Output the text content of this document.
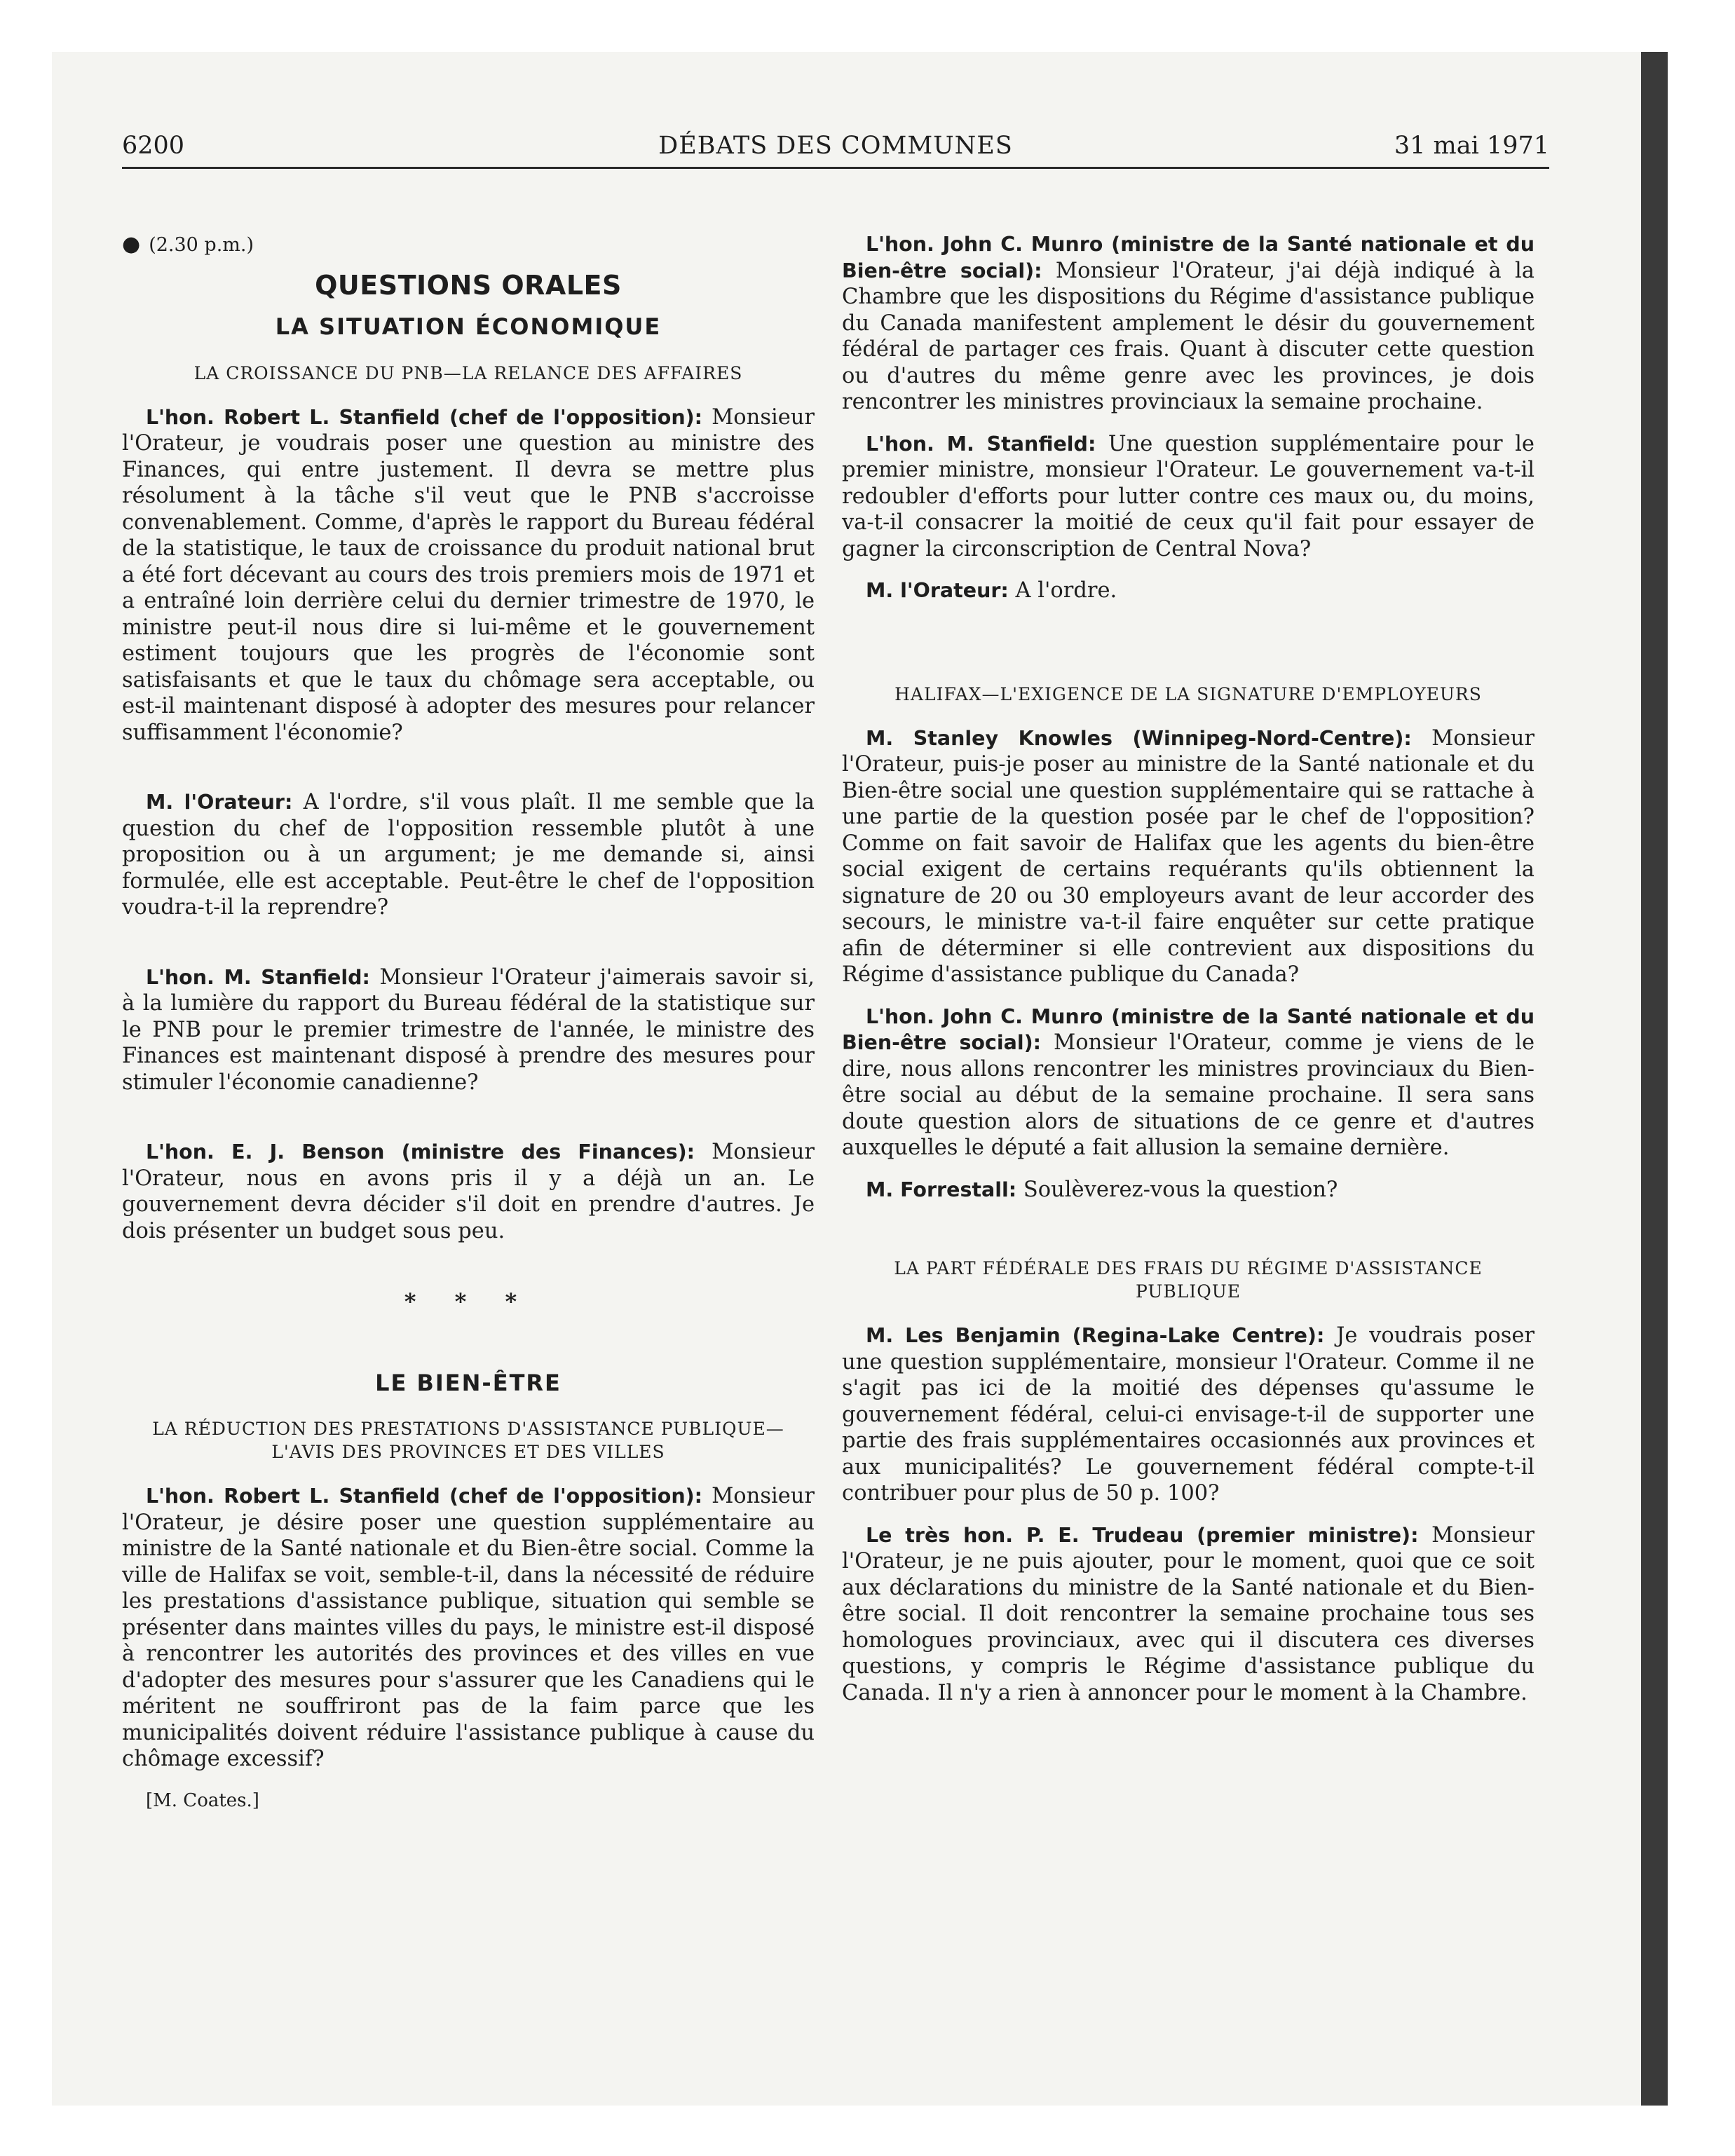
6200	DÉBATS DES COMMUNES	31 mai 1971
● (2.30 p.m.)
QUESTIONS ORALES
LA SITUATION ÉCONOMIQUE
LA CROISSANCE DU PNB—LA RELANCE DES AFFAIRES

L'hon. Robert L. Stanfield (chef de l'opposition): Monsieur l'Orateur, je voudrais poser une question au ministre des Finances, qui entre justement. Il devra se mettre plus résolument à la tâche s'il veut que le PNB s'accroisse convenablement. Comme, d'après le rapport du Bureau fédéral de la statistique, le taux de croissance du produit national brut a été fort décevant au cours des trois premiers mois de 1971 et a entraîné loin derrière celui du dernier trimestre de 1970, le ministre peut-il nous dire si lui-même et le gouvernement estiment toujours que les progrès de l'économie sont satisfaisants et que le taux du chômage sera acceptable, ou est-il maintenant disposé à adopter des mesures pour relancer suffisamment l'économie?

M. l'Orateur: A l'ordre, s'il vous plaît. Il me semble que la question du chef de l'opposition ressemble plutôt à une proposition ou à un argument; je me demande si, ainsi formulée, elle est acceptable. Peut-être le chef de l'opposition voudra-t-il la reprendre?

L'hon. M. Stanfield: Monsieur l'Orateur j'aimerais savoir si, à la lumière du rapport du Bureau fédéral de la statistique sur le PNB pour le premier trimestre de l'année, le ministre des Finances est maintenant disposé à prendre des mesures pour stimuler l'économie canadienne?

L'hon. E. J. Benson (ministre des Finances): Monsieur l'Orateur, nous en avons pris il y a déjà un an. Le gouvernement devra décider s'il doit en prendre d'autres. Je dois présenter un budget sous peu.

* * *
LE BIEN-ÊTRE
LA RÉDUCTION DES PRESTATIONS D'ASSISTANCE PUBLIQUE—L'AVIS DES PROVINCES ET DES VILLES

L'hon. Robert L. Stanfield (chef de l'opposition): Monsieur l'Orateur, je désire poser une question supplémentaire au ministre de la Santé nationale et du Bien-être social. Comme la ville de Halifax se voit, semble-t-il, dans la nécessité de réduire les prestations d'assistance publique, situation qui semble se présenter dans maintes villes du pays, le ministre est-il disposé à rencontrer les autorités des provinces et des villes en vue d'adopter des mesures pour s'assurer que les Canadiens qui le méritent ne souffriront pas de la faim parce que les municipalités doivent réduire l'assistance publique à cause du chômage excessif?

[M. Coates.]

L'hon. John C. Munro (ministre de la Santé nationale et du Bien-être social): Monsieur l'Orateur, j'ai déjà indiqué à la Chambre que les dispositions du Régime d'assistance publique du Canada manifestent amplement le désir du gouvernement fédéral de partager ces frais. Quant à discuter cette question ou d'autres du même genre avec les provinces, je dois rencontrer les ministres provinciaux la semaine prochaine.

L'hon. M. Stanfield: Une question supplémentaire pour le premier ministre, monsieur l'Orateur. Le gouvernement va-t-il redoubler d'efforts pour lutter contre ces maux ou, du moins, va-t-il consacrer la moitié de ceux qu'il fait pour essayer de gagner la circonscription de Central Nova?

M. l'Orateur: A l'ordre.

HALIFAX—L'EXIGENCE DE LA SIGNATURE D'EMPLOYEURS

M. Stanley Knowles (Winnipeg-Nord-Centre): Monsieur l'Orateur, puis-je poser au ministre de la Santé nationale et du Bien-être social une question supplémentaire qui se rattache à une partie de la question posée par le chef de l'opposition? Comme on fait savoir de Halifax que les agents du bien-être social exigent de certains requérants qu'ils obtiennent la signature de 20 ou 30 employeurs avant de leur accorder des secours, le ministre va-t-il faire enquêter sur cette pratique afin de déterminer si elle contrevient aux dispositions du Régime d'assistance publique du Canada?

L'hon. John C. Munro (ministre de la Santé nationale et du Bien-être social): Monsieur l'Orateur, comme je viens de le dire, nous allons rencontrer les ministres provinciaux du Bien-être social au début de la semaine prochaine. Il sera sans doute question alors de situations de ce genre et d'autres auxquelles le député a fait allusion la semaine dernière.

M. Forrestall: Soulèverez-vous la question?

LA PART FÉDÉRALE DES FRAIS DU RÉGIME D'ASSISTANCE PUBLIQUE

M. Les Benjamin (Regina-Lake Centre): Je voudrais poser une question supplémentaire, monsieur l'Orateur. Comme il ne s'agit pas ici de la moitié des dépenses qu'assume le gouvernement fédéral, celui-ci envisage-t-il de supporter une partie des frais supplémentaires occasionnés aux provinces et aux municipalités? Le gouvernement fédéral compte-t-il contribuer pour plus de 50 p. 100?

Le très hon. P. E. Trudeau (premier ministre): Monsieur l'Orateur, je ne puis ajouter, pour le moment, quoi que ce soit aux déclarations du ministre de la Santé nationale et du Bien-être social. Il doit rencontrer la semaine prochaine tous ses homologues provinciaux, avec qui il discutera ces diverses questions, y compris le Régime d'assistance publique du Canada. Il n'y a rien à annoncer pour le moment à la Chambre.
